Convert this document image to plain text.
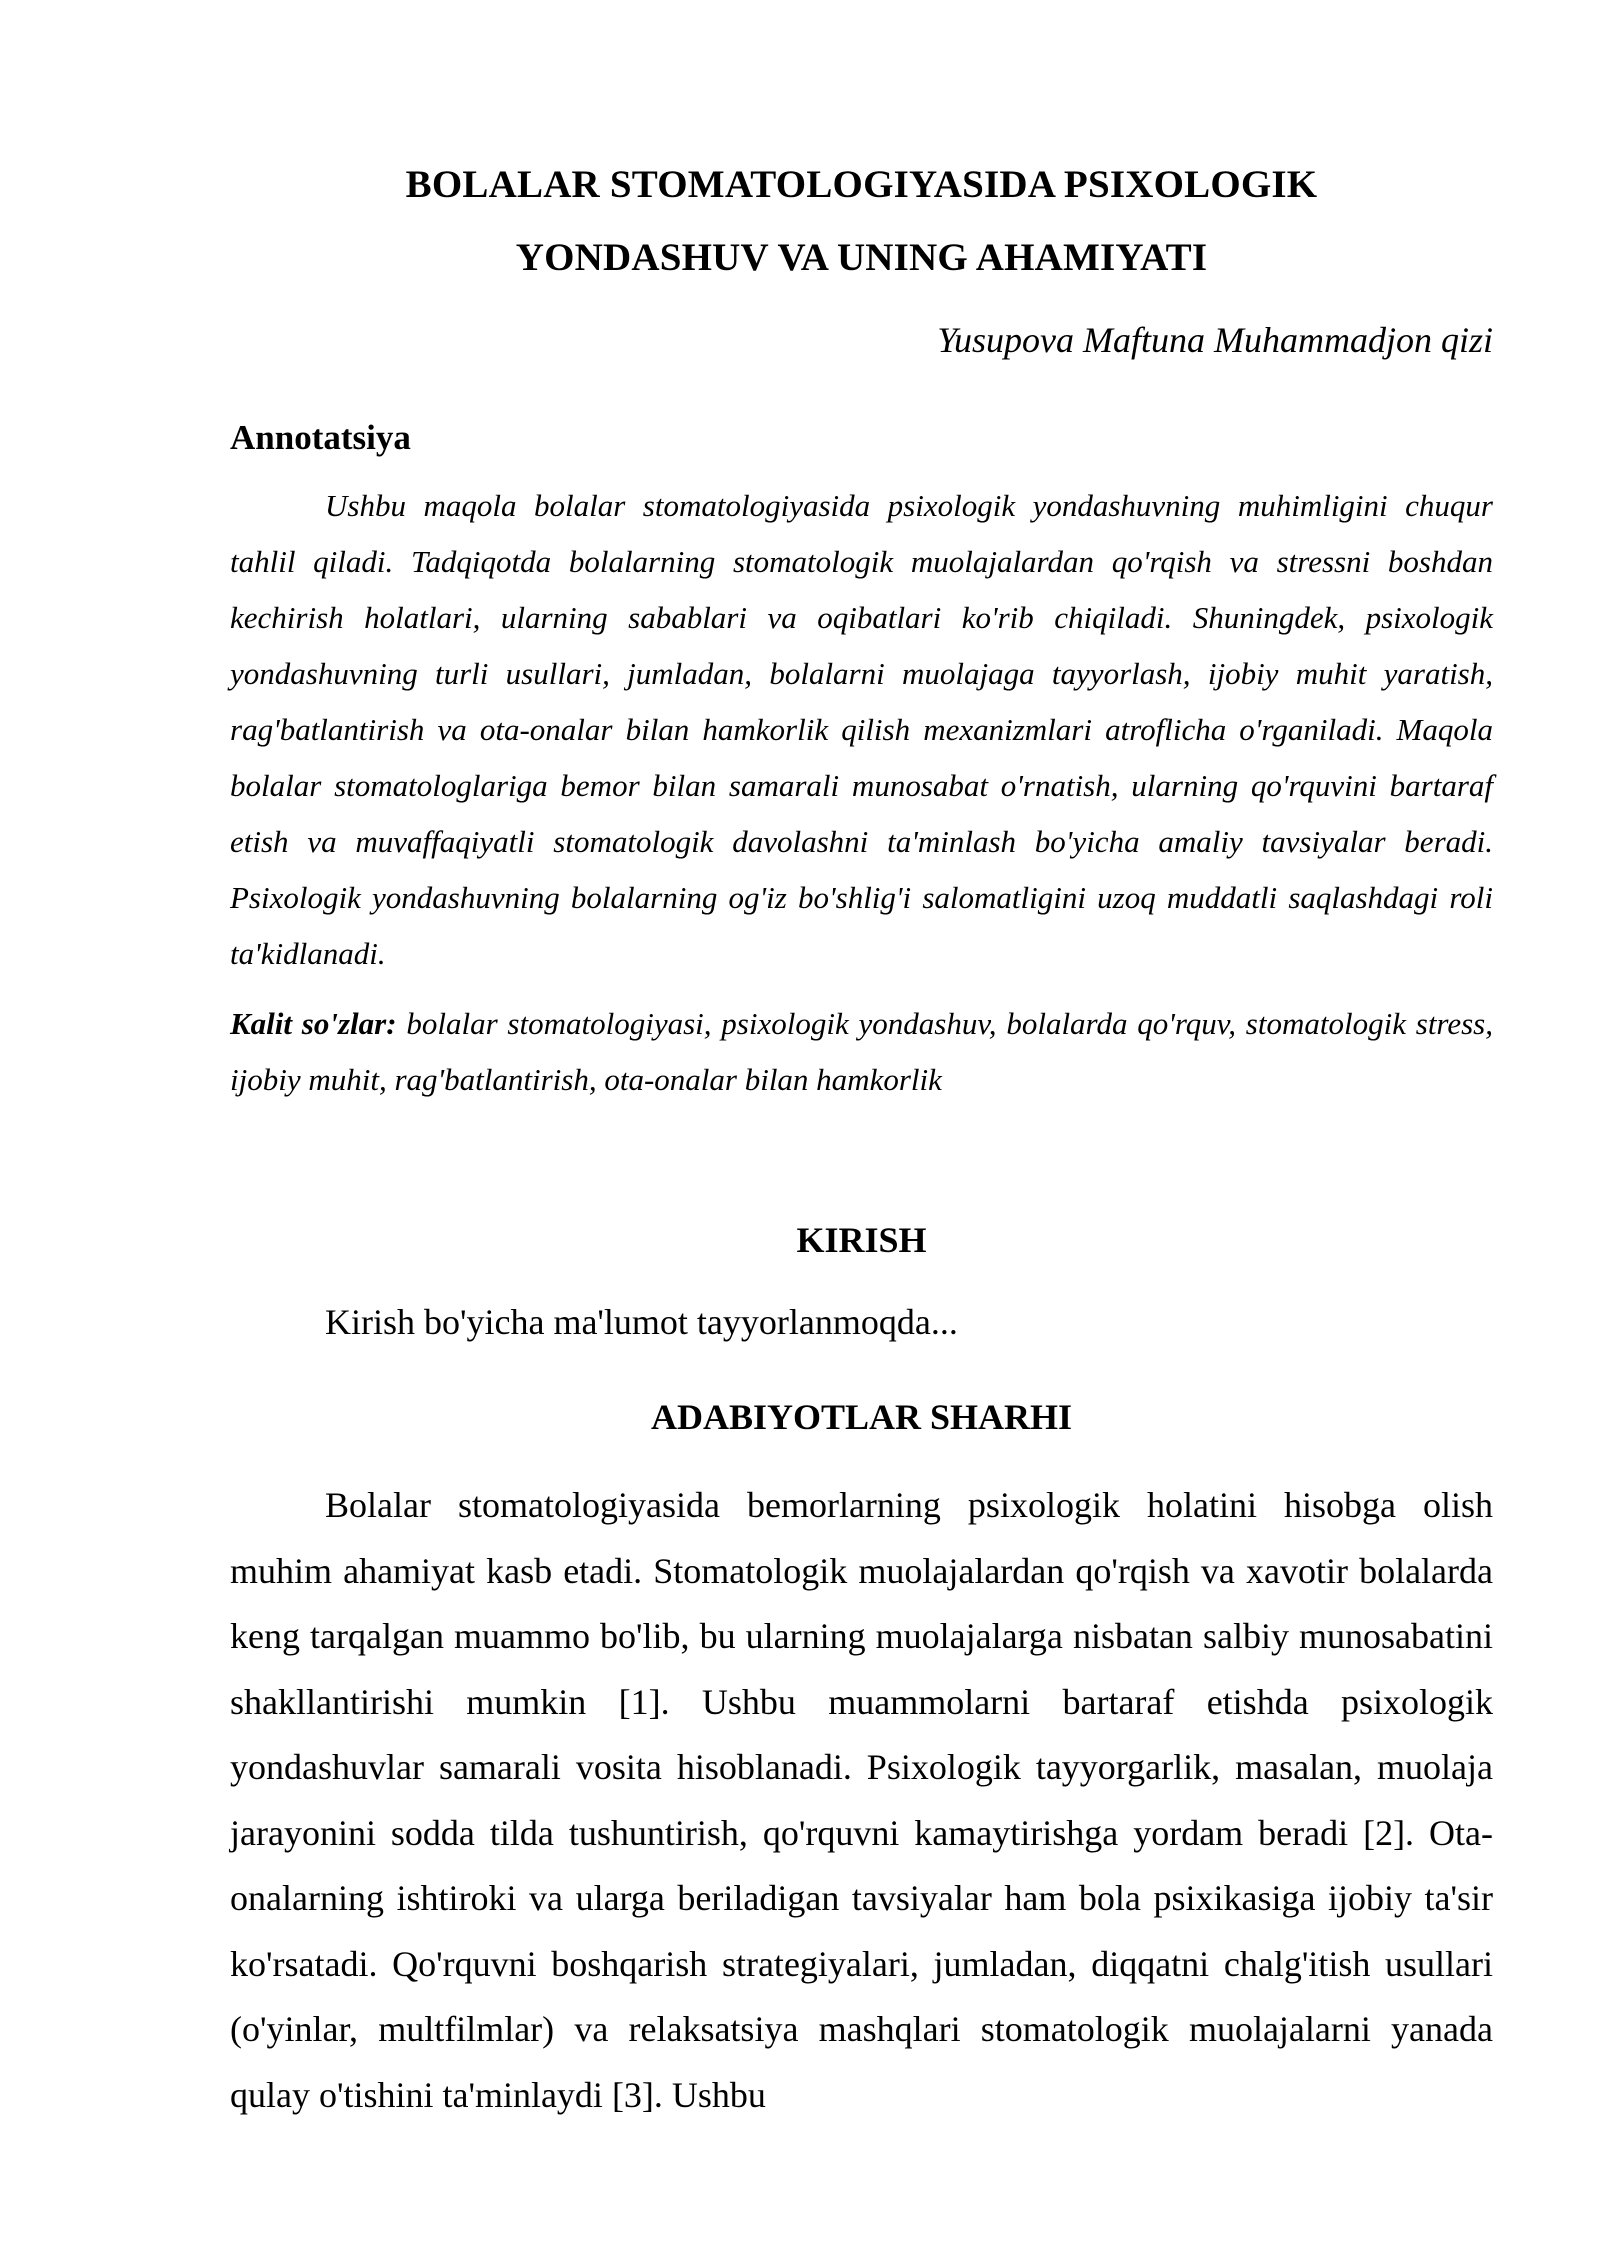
BOLALAR STOMATOLOGIYASIDA PSIXOLOGIK
YONDASHUV VA UNING AHAMIYATI
Yusupova Maftuna Muhammadjon qizi
Annotatsiya
Ushbu maqola bolalar stomatologiyasida psixologik yondashuvning muhimligini chuqur tahlil qiladi. Tadqiqotda bolalarning stomatologik muolajalardan qo'rqish va stressni boshdan kechirish holatlari, ularning sabablari va oqibatlari ko'rib chiqiladi. Shuningdek, psixologik yondashuvning turli usullari, jumladan, bolalarni muolajaga tayyorlash, ijobiy muhit yaratish, rag'batlantirish va ota-onalar bilan hamkorlik qilish mexanizmlari atroflicha o'rganiladi. Maqola bolalar stomatologlariga bemor bilan samarali munosabat o'rnatish, ularning qo'rquvini bartaraf etish va muvaffaqiyatli stomatologik davolashni ta'minlash bo'yicha amaliy tavsiyalar beradi. Psixologik yondashuvning bolalarning og'iz bo'shlig'i salomatligini uzoq muddatli saqlashdagi roli ta'kidlanadi.
Kalit so'zlar: bolalar stomatologiyasi, psixologik yondashuv, bolalarda qo'rquv, stomatologik stress, ijobiy muhit, rag'batlantirish, ota-onalar bilan hamkorlik
KIRISH
Kirish bo'yicha ma'lumot tayyorlanmoqda...
ADABIYOTLAR SHARHI
Bolalar stomatologiyasida bemorlarning psixologik holatini hisobga olish muhim ahamiyat kasb etadi. Stomatologik muolajalardan qo'rqish va xavotir bolalarda keng tarqalgan muammo bo'lib, bu ularning muolajalarga nisbatan salbiy munosabatini shakllantirishi mumkin [1]. Ushbu muammolarni bartaraf etishda psixologik yondashuvlar samarali vosita hisoblanadi. Psixologik tayyorgarlik, masalan, muolaja jarayonini sodda tilda tushuntirish, qo'rquvni kamaytirishga yordam beradi [2]. Ota-onalarning ishtiroki va ularga beriladigan tavsiyalar ham bola psixikasiga ijobiy ta'sir ko'rsatadi. Qo'rquvni boshqarish strategiyalari, jumladan, diqqatni chalg'itish usullari (o'yinlar, multfilmlar) va relaksatsiya mashqlari stomatologik muolajalarni yanada qulay o'tishini ta'minlaydi [3]. Ushbu
